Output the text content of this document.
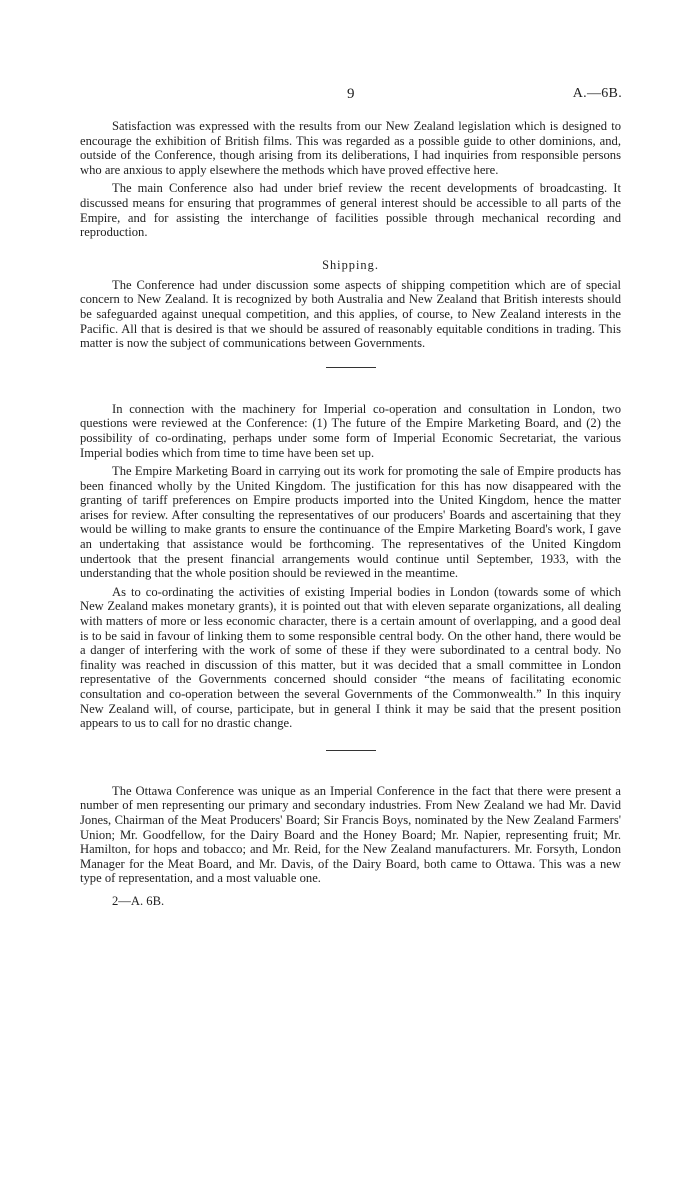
9	A.—6B.

Satisfaction was expressed with the results from our New Zealand legislation which is designed to encourage the exhibition of British films. This was regarded as a possible guide to other dominions, and, outside of the Conference, though arising from its deliberations, I had inquiries from responsible persons who are anxious to apply elsewhere the methods which have proved effective here.

The main Conference also had under brief review the recent developments of broadcasting. It discussed means for ensuring that programmes of general interest should be accessible to all parts of the Empire, and for assisting the interchange of facilities possible through mechanical recording and reproduction.

Shipping.

The Conference had under discussion some aspects of shipping competition which are of special concern to New Zealand. It is recognized by both Australia and New Zealand that British interests should be safeguarded against unequal competition, and this applies, of course, to New Zealand interests in the Pacific. All that is desired is that we should be assured of reasonably equitable conditions in trading. This matter is now the subject of communications between Governments.

In connection with the machinery for Imperial co-operation and consultation in London, two questions were reviewed at the Conference: (1) The future of the Empire Marketing Board, and (2) the possibility of co-ordinating, perhaps under some form of Imperial Economic Secretariat, the various Imperial bodies which from time to time have been set up.

The Empire Marketing Board in carrying out its work for promoting the sale of Empire products has been financed wholly by the United Kingdom. The justification for this has now disappeared with the granting of tariff preferences on Empire products imported into the United Kingdom, hence the matter arises for review. After consulting the representatives of our producers' Boards and ascertaining that they would be willing to make grants to ensure the continuance of the Empire Marketing Board's work, I gave an undertaking that assistance would be forthcoming. The representatives of the United Kingdom undertook that the present financial arrangements would continue until September, 1933, with the understanding that the whole position should be reviewed in the meantime.

As to co-ordinating the activities of existing Imperial bodies in London (towards some of which New Zealand makes monetary grants), it is pointed out that with eleven separate organizations, all dealing with matters of more or less economic character, there is a certain amount of overlapping, and a good deal is to be said in favour of linking them to some responsible central body. On the other hand, there would be a danger of interfering with the work of some of these if they were subordinated to a central body. No finality was reached in discussion of this matter, but it was decided that a small committee in London representative of the Governments concerned should consider “the means of facilitating economic consultation and co-operation between the several Governments of the Commonwealth.” In this inquiry New Zealand will, of course, participate, but in general I think it may be said that the present position appears to us to call for no drastic change.

The Ottawa Conference was unique as an Imperial Conference in the fact that there were present a number of men representing our primary and secondary industries. From New Zealand we had Mr. David Jones, Chairman of the Meat Producers' Board; Sir Francis Boys, nominated by the New Zealand Farmers' Union; Mr. Goodfellow, for the Dairy Board and the Honey Board; Mr. Napier, representing fruit; Mr. Hamilton, for hops and tobacco; and Mr. Reid, for the New Zealand manufacturers. Mr. Forsyth, London Manager for the Meat Board, and Mr. Davis, of the Dairy Board, both came to Ottawa. This was a new type of representation, and a most valuable one.

2—A. 6B.
